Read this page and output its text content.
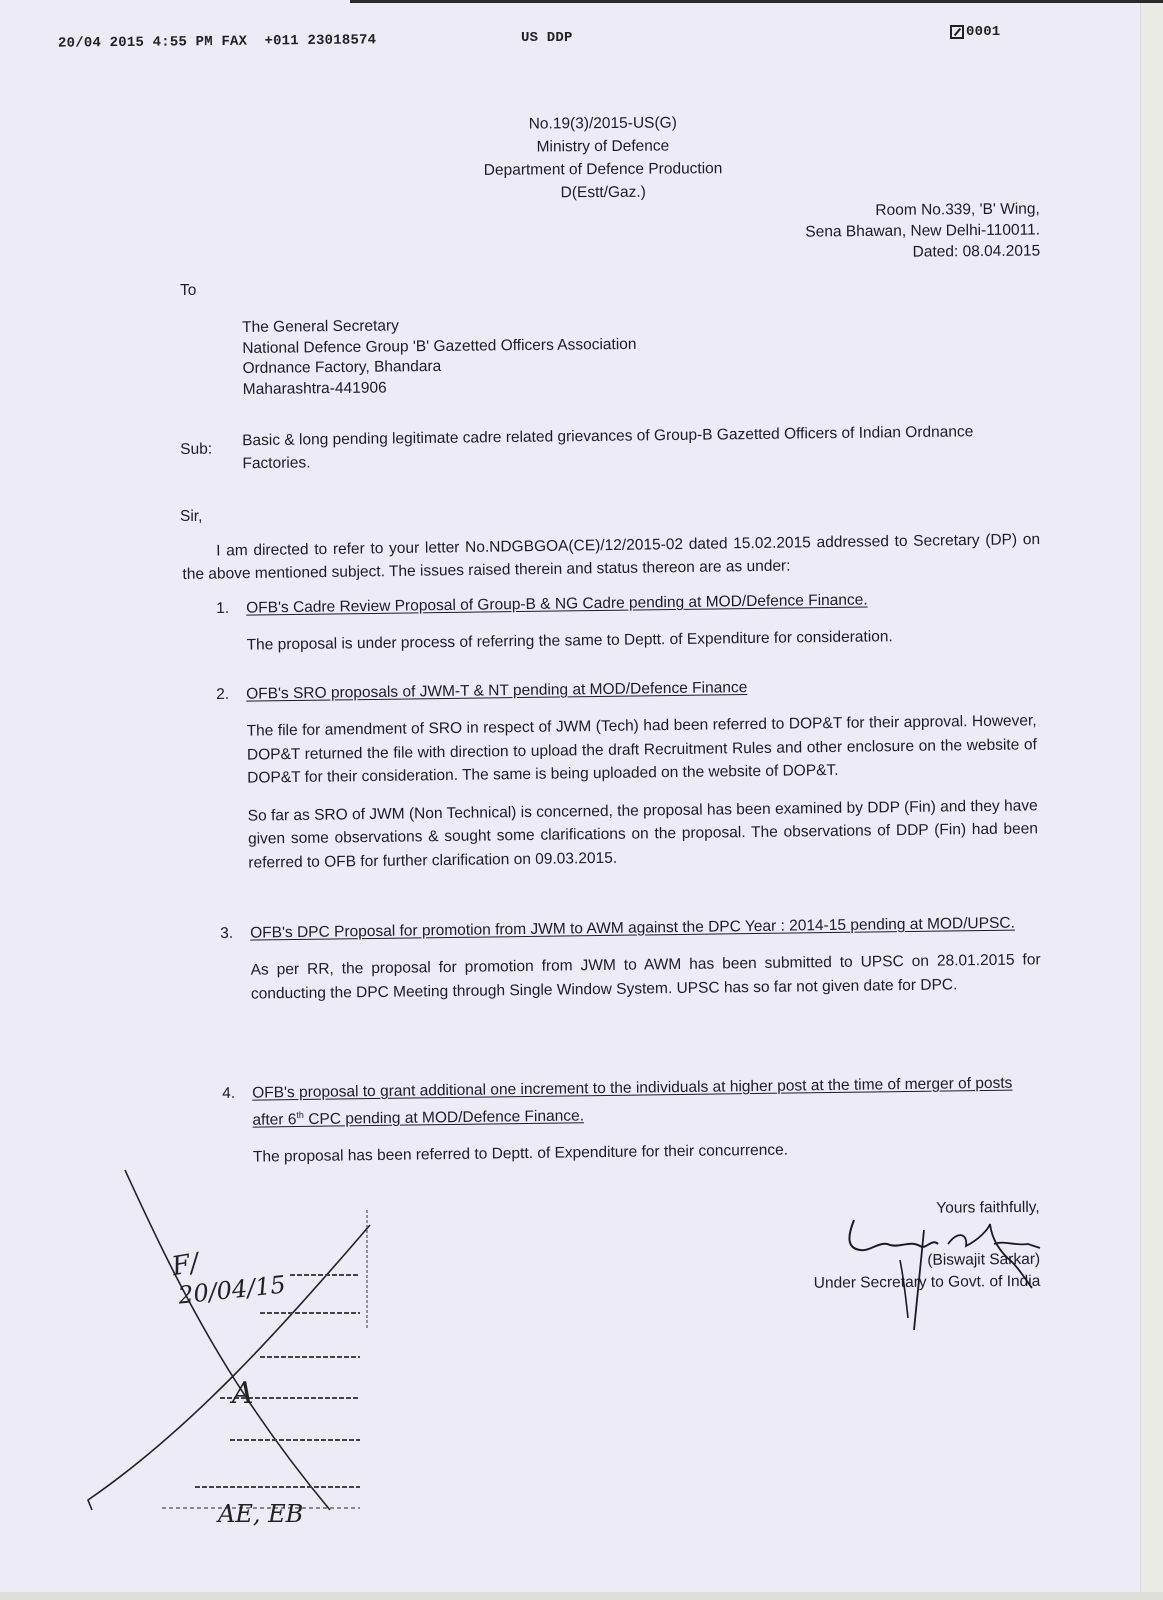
20/04 2015 4:55 PM FAX +011 23018574	US DDP	0001
No.19(3)/2015-US(G)
Ministry of Defence
Department of Defence Production
D(Estt/Gaz.)
Room No.339, 'B' Wing,
Sena Bhawan, New Delhi-110011.
Dated: 08.04.2015
To
The General Secretary
National Defence Group 'B' Gazetted Officers Association
Ordnance Factory, Bhandara
Maharashtra-441906
Sub:
Basic & long pending legitimate cadre related grievances of Group-B Gazetted Officers of Indian Ordnance Factories.
Sir,
I am directed to refer to your letter No.NDGBGOA(CE)/12/2015-02 dated 15.02.2015 addressed to Secretary (DP) on the above mentioned subject. The issues raised therein and status thereon are as under:
1.	OFB's Cadre Review Proposal of Group-B & NG Cadre pending at MOD/Defence Finance.

The proposal is under process of referring the same to Deptt. of Expenditure for consideration.

2.	OFB's SRO proposals of JWM-T & NT pending at MOD/Defence Finance

The file for amendment of SRO in respect of JWM (Tech) had been referred to DOP&T for their approval. However, DOP&T returned the file with direction to upload the draft Recruitment Rules and other enclosure on the website of DOP&T for their consideration. The same is being uploaded on the website of DOP&T.

So far as SRO of JWM (Non Technical) is concerned, the proposal has been examined by DDP (Fin) and they have given some observations & sought some clarifications on the proposal. The observations of DDP (Fin) had been referred to OFB for further clarification on 09.03.2015.

3.	OFB's DPC Proposal for promotion from JWM to AWM against the DPC Year : 2014-15 pending at MOD/UPSC.

As per RR, the proposal for promotion from JWM to AWM has been submitted to UPSC on 28.01.2015 for conducting the DPC Meeting through Single Window System. UPSC has so far not given date for DPC.

4.	OFB's proposal to grant additional one increment to the individuals at higher post at the time of merger of posts after 6th CPC pending at MOD/Defence Finance.

The proposal has been referred to Deptt. of Expenditure for their concurrence.

Yours faithfully,
(Biswajit Sarkar)
Under Secretary to Govt. of India
F/
20/04/15
A
AE, EB
